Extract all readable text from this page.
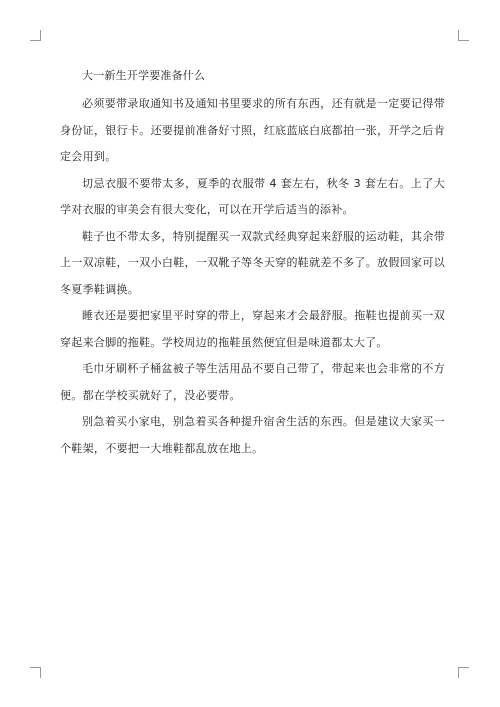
大一新生开学要准备什么

必须要带录取通知书及通知书里要求的所有东西，还有就是一定要记得带身份证，银行卡。还要提前准备好寸照，红底蓝底白底都拍一张，开学之后肯定会用到。

切忌衣服不要带太多，夏季的衣服带 4 套左右，秋冬 3 套左右。上了大学对衣服的审美会有很大变化，可以在开学后适当的添补。

鞋子也不带太多，特别提醒买一双款式经典穿起来舒服的运动鞋，其余带上一双凉鞋，一双小白鞋，一双靴子等冬天穿的鞋就差不多了。放假回家可以冬夏季鞋调换。

睡衣还是要把家里平时穿的带上，穿起来才会最舒服。拖鞋也提前买一双穿起来合脚的拖鞋。学校周边的拖鞋虽然便宜但是味道都太大了。

毛巾牙刷杯子桶盆被子等生活用品不要自己带了，带起来也会非常的不方便。都在学校买就好了，没必要带。

别急着买小家电，别急着买各种提升宿舍生活的东西。但是建议大家买一个鞋架，不要把一大堆鞋都乱放在地上。
